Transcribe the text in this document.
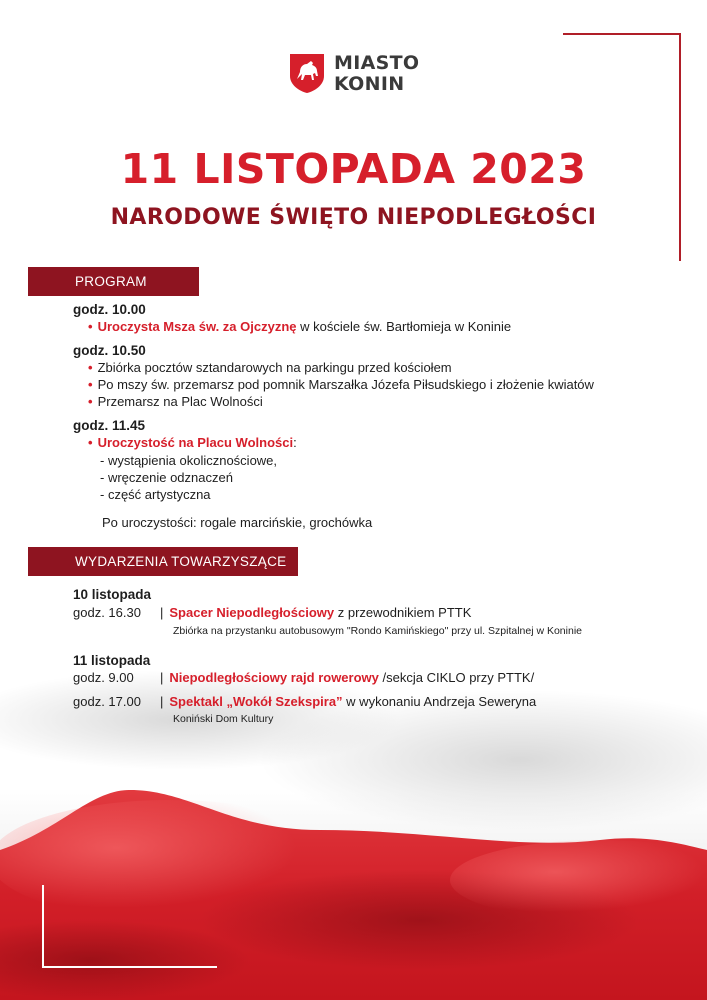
MIASTO
KONIN
11 LISTOPADA 2023
NARODOWE ŚWIĘTO NIEPODLEGŁOŚCI
PROGRAM
godz. 10.00
• Uroczysta Msza św. za Ojczyznę w kościele św. Bartłomieja w Koninie
godz. 10.50
• Zbiórka pocztów sztandarowych na parkingu przed kościołem
• Po mszy św. przemarsz pod pomnik Marszałka Józefa Piłsudskiego i złożenie kwiatów
• Przemarsz na Plac Wolności
godz. 11.45
• Uroczystość na Placu Wolności:
- wystąpienia okolicznościowe,
- wręczenie odznaczeń
- część artystyczna
Po uroczystości: rogale marcińskie, grochówka
WYDARZENIA TOWARZYSZĄCE
10 listopada
godz. 16.30 | Spacer Niepodległościowy z przewodnikiem PTTK
Zbiórka na przystanku autobusowym "Rondo Kamińskiego" przy ul. Szpitalnej w Koninie
11 listopada
godz. 9.00 | Niepodległościowy rajd rowerowy /sekcja CIKLO przy PTTK/
godz. 17.00 | Spektakl „Wokół Szekspira” w wykonaniu Andrzeja Seweryna
Koniński Dom Kultury
